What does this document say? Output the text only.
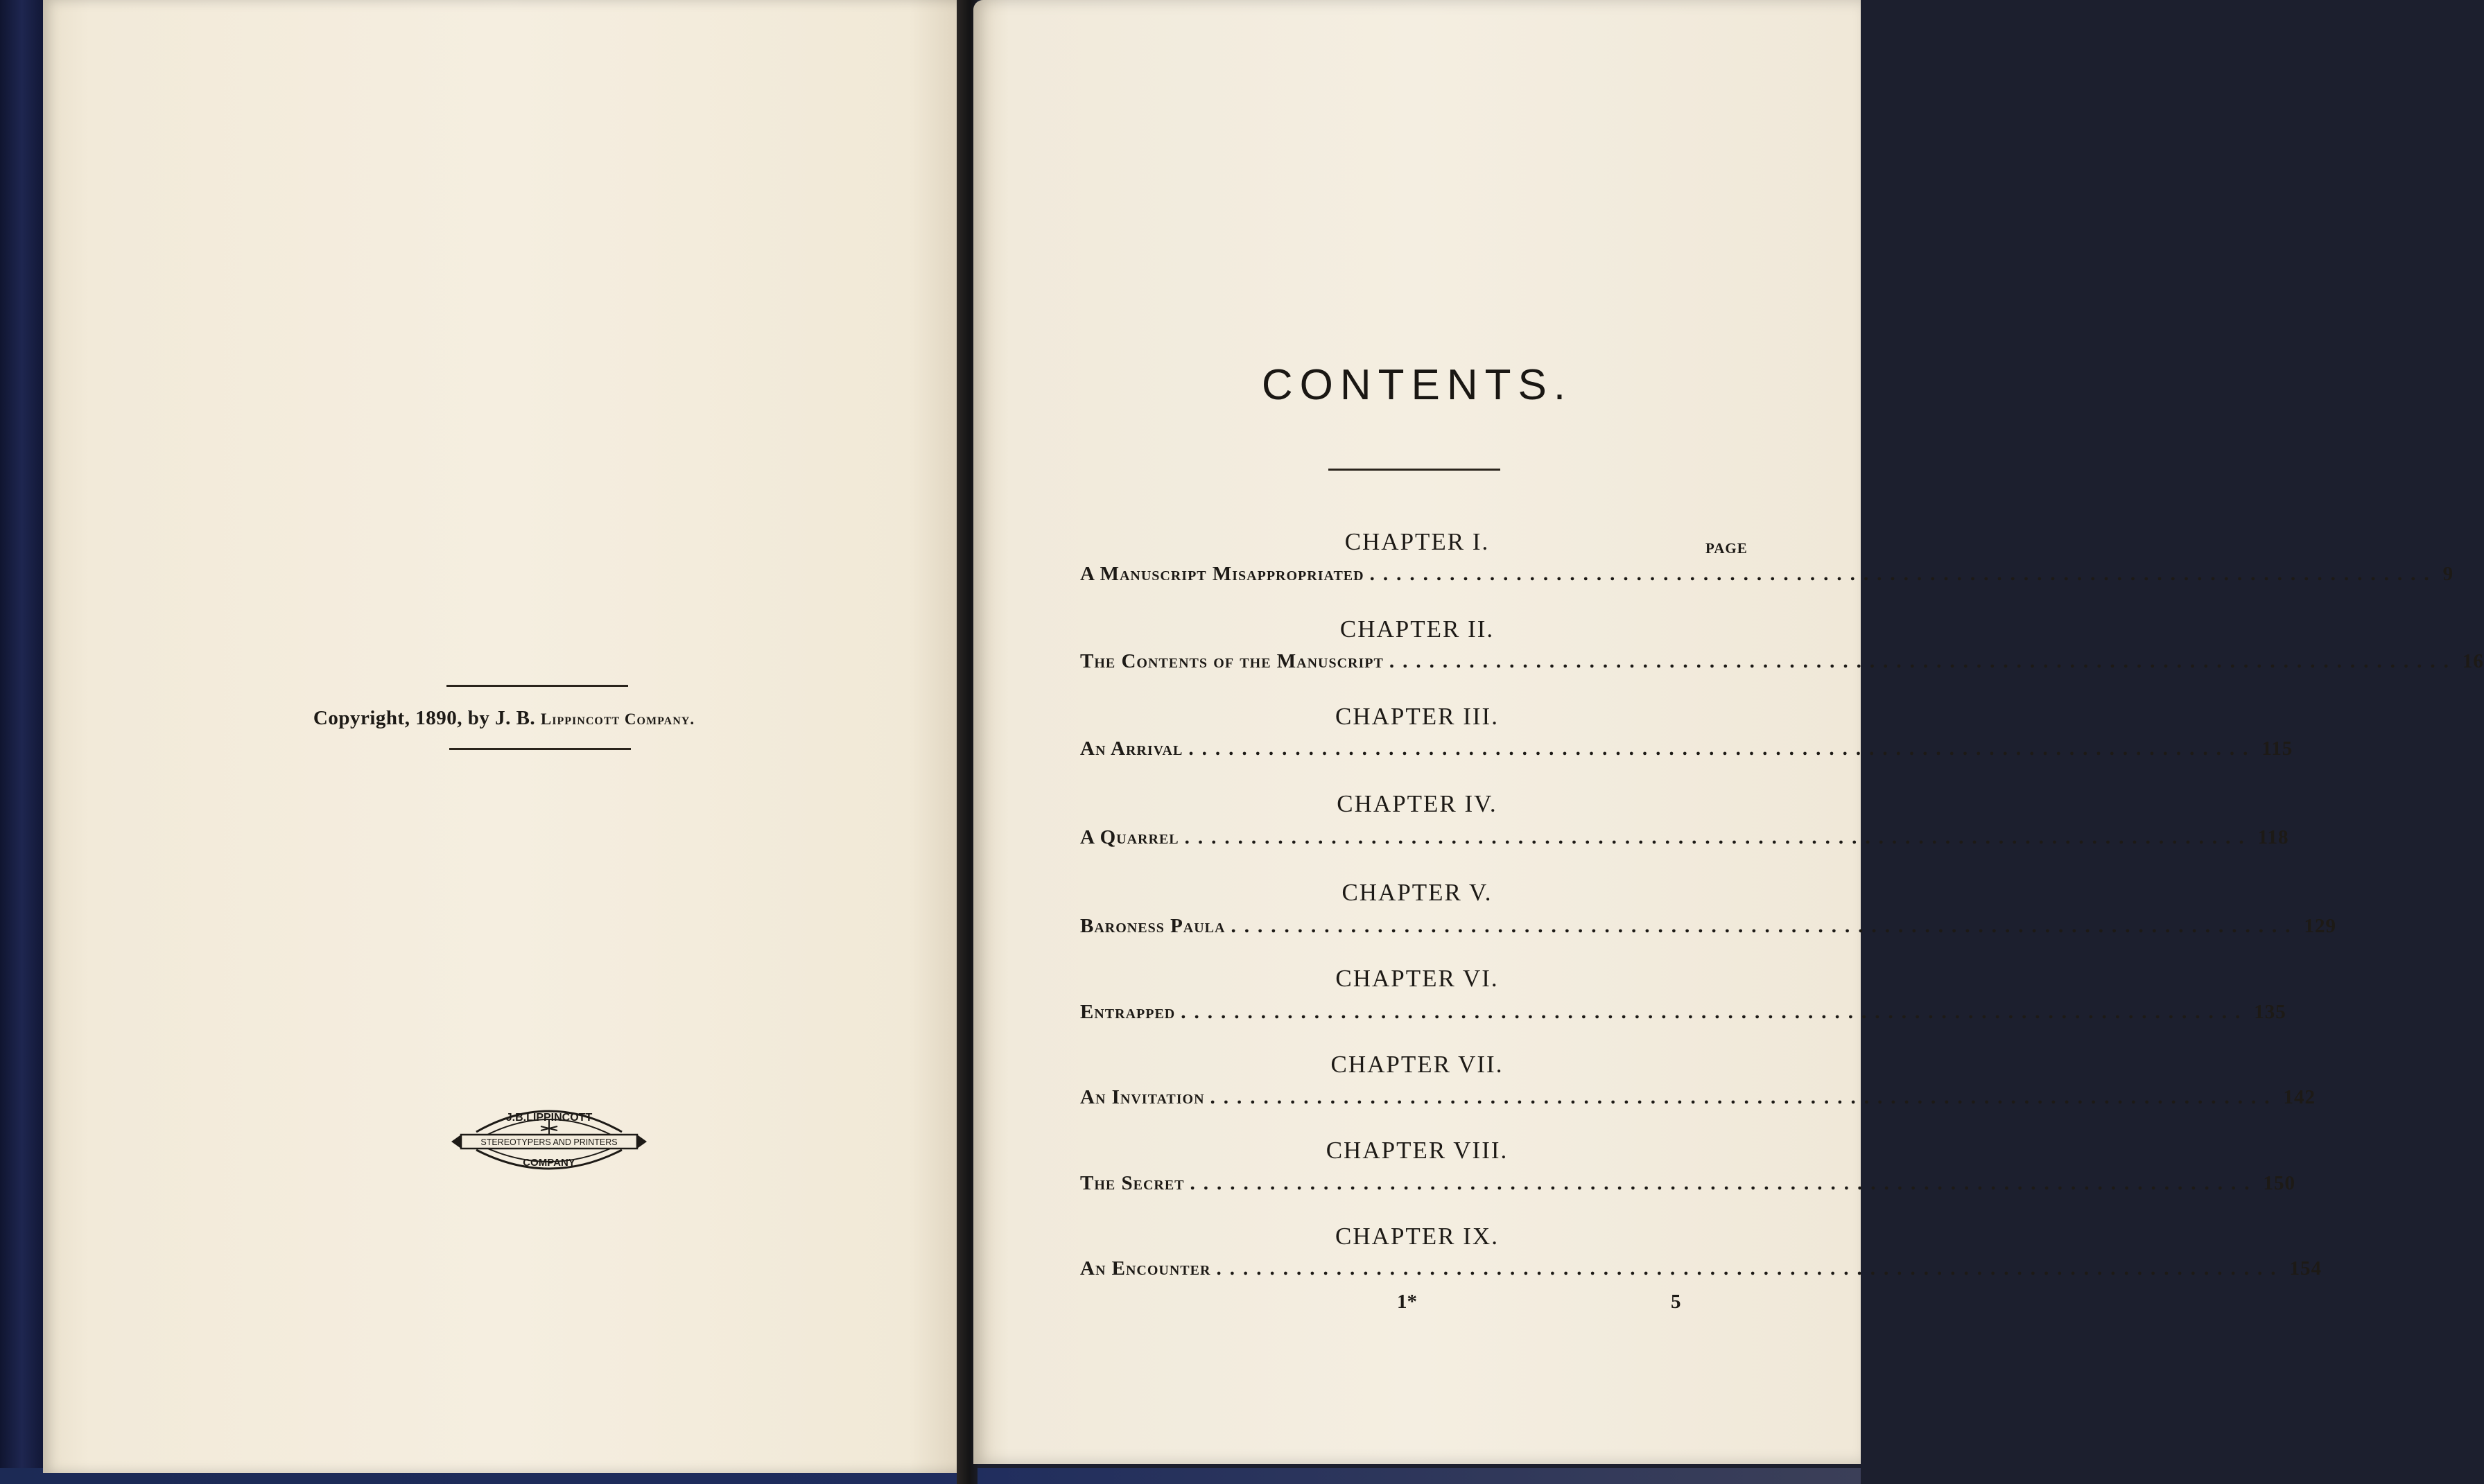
Copyright, 1890, by J. B. Lippincott Company.
J.B.LIPPINCOTT
STEREOTYPERS AND PRINTERS
COMPANY
CONTENTS.
PAGE
CHAPTER I.
A Manuscript Misappropriated ................................................................................ 9
CHAPTER II.
The Contents of the Manuscript ................................................................................ 16
CHAPTER III.
An Arrival ................................................................................ 115
CHAPTER IV.
A Quarrel ................................................................................ 118
CHAPTER V.
Baroness Paula ................................................................................ 129
CHAPTER VI.
Entrapped ................................................................................ 135
CHAPTER VII.
An Invitation ................................................................................ 142
CHAPTER VIII.
The Secret ................................................................................ 150
CHAPTER IX.
An Encounter ................................................................................ 154
1*	5
